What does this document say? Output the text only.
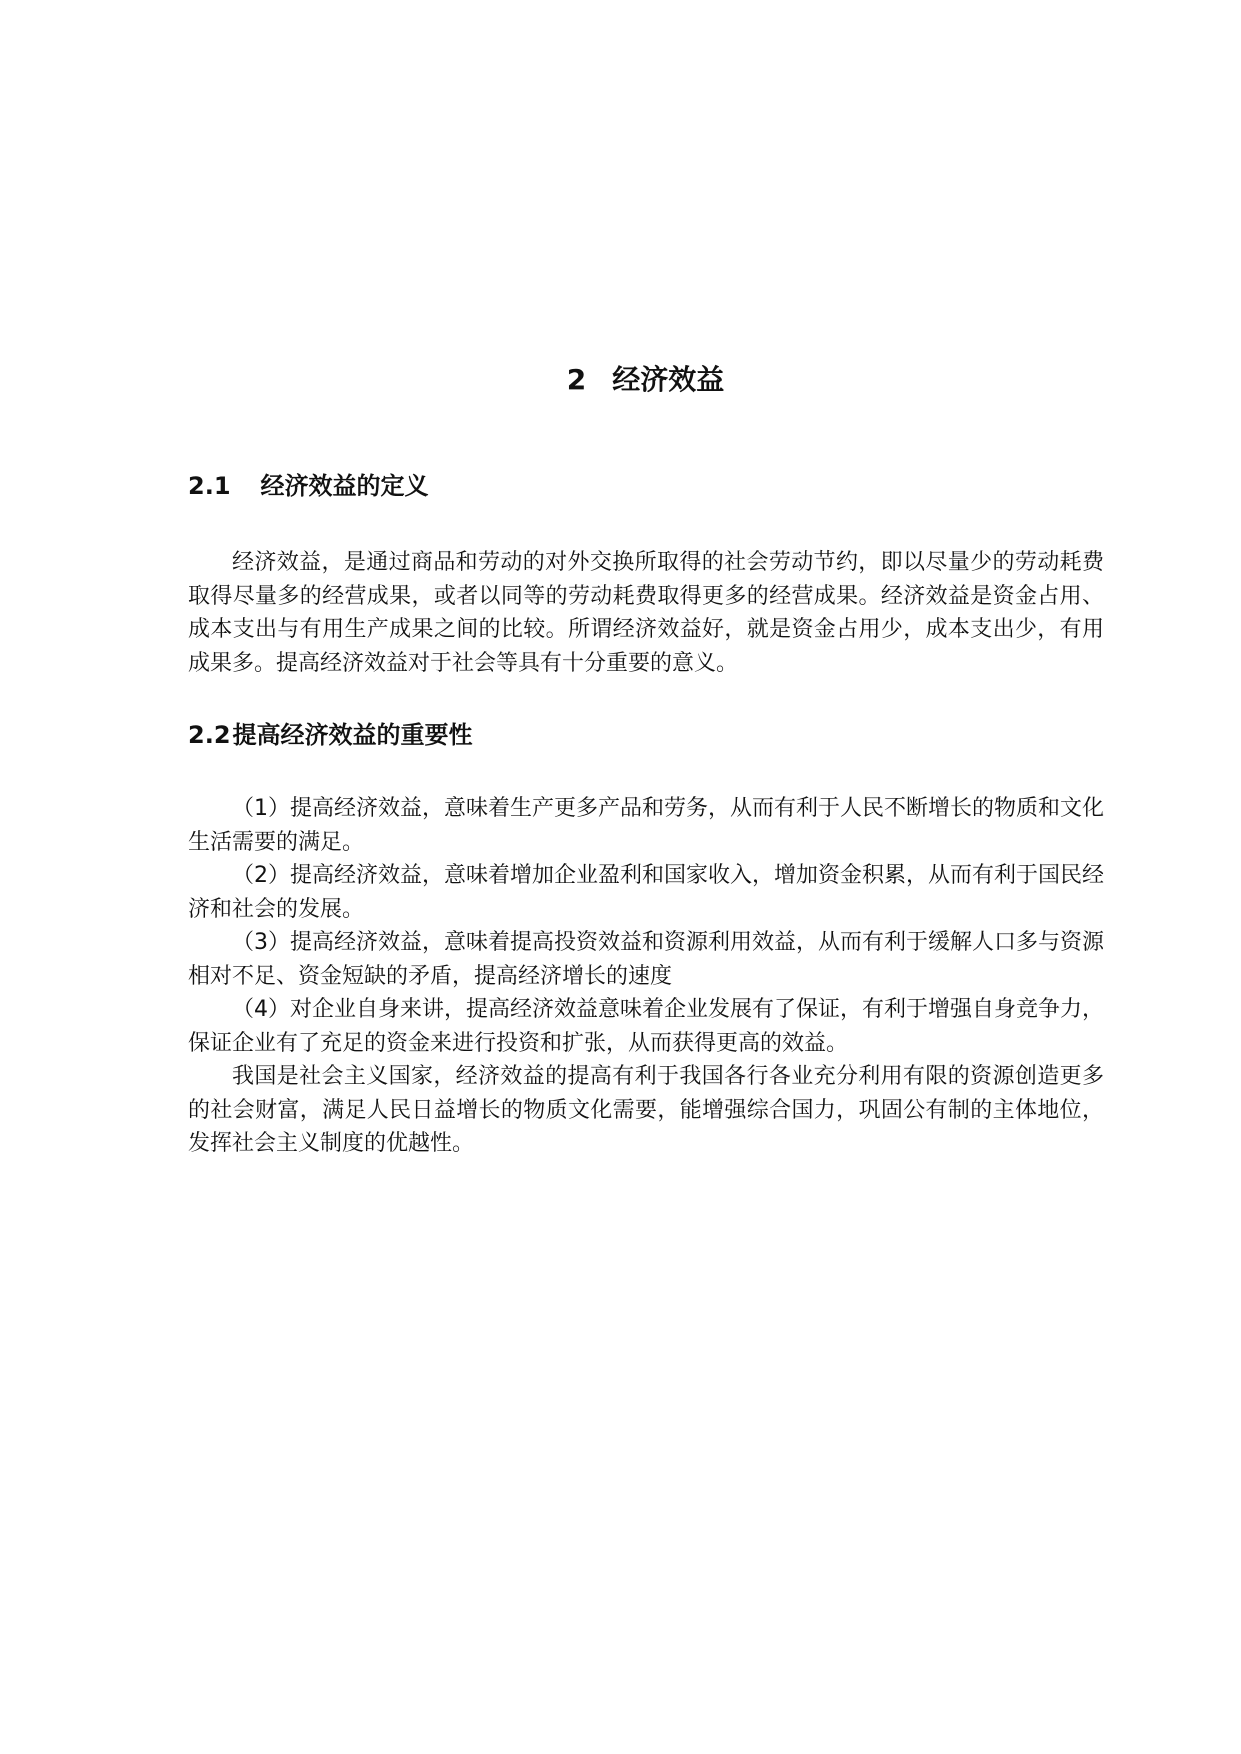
2 经济效益
2.1 经济效益的定义

经济效益，是通过商品和劳动的对外交换所取得的社会劳动节约，即以尽量少的劳动耗费取得尽量多的经营成果，或者以同等的劳动耗费取得更多的经营成果。经济效益是资金占用、成本支出与有用生产成果之间的比较。所谓经济效益好，就是资金占用少，成本支出少，有用成果多。提高经济效益对于社会等具有十分重要的意义。

2.2提高经济效益的重要性

（1）提高经济效益，意味着生产更多产品和劳务，从而有利于人民不断增长的物质和文化生活需要的满足。

（2）提高经济效益，意味着增加企业盈利和国家收入，增加资金积累，从而有利于国民经济和社会的发展。

（3）提高经济效益，意味着提高投资效益和资源利用效益，从而有利于缓解人口多与资源相对不足、资金短缺的矛盾，提高经济增长的速度

（4）对企业自身来讲，提高经济效益意味着企业发展有了保证，有利于增强自身竞争力，保证企业有了充足的资金来进行投资和扩张，从而获得更高的效益。

我国是社会主义国家，经济效益的提高有利于我国各行各业充分利用有限的资源创造更多的社会财富，满足人民日益增长的物质文化需要，能增强综合国力，巩固公有制的主体地位，发挥社会主义制度的优越性。
